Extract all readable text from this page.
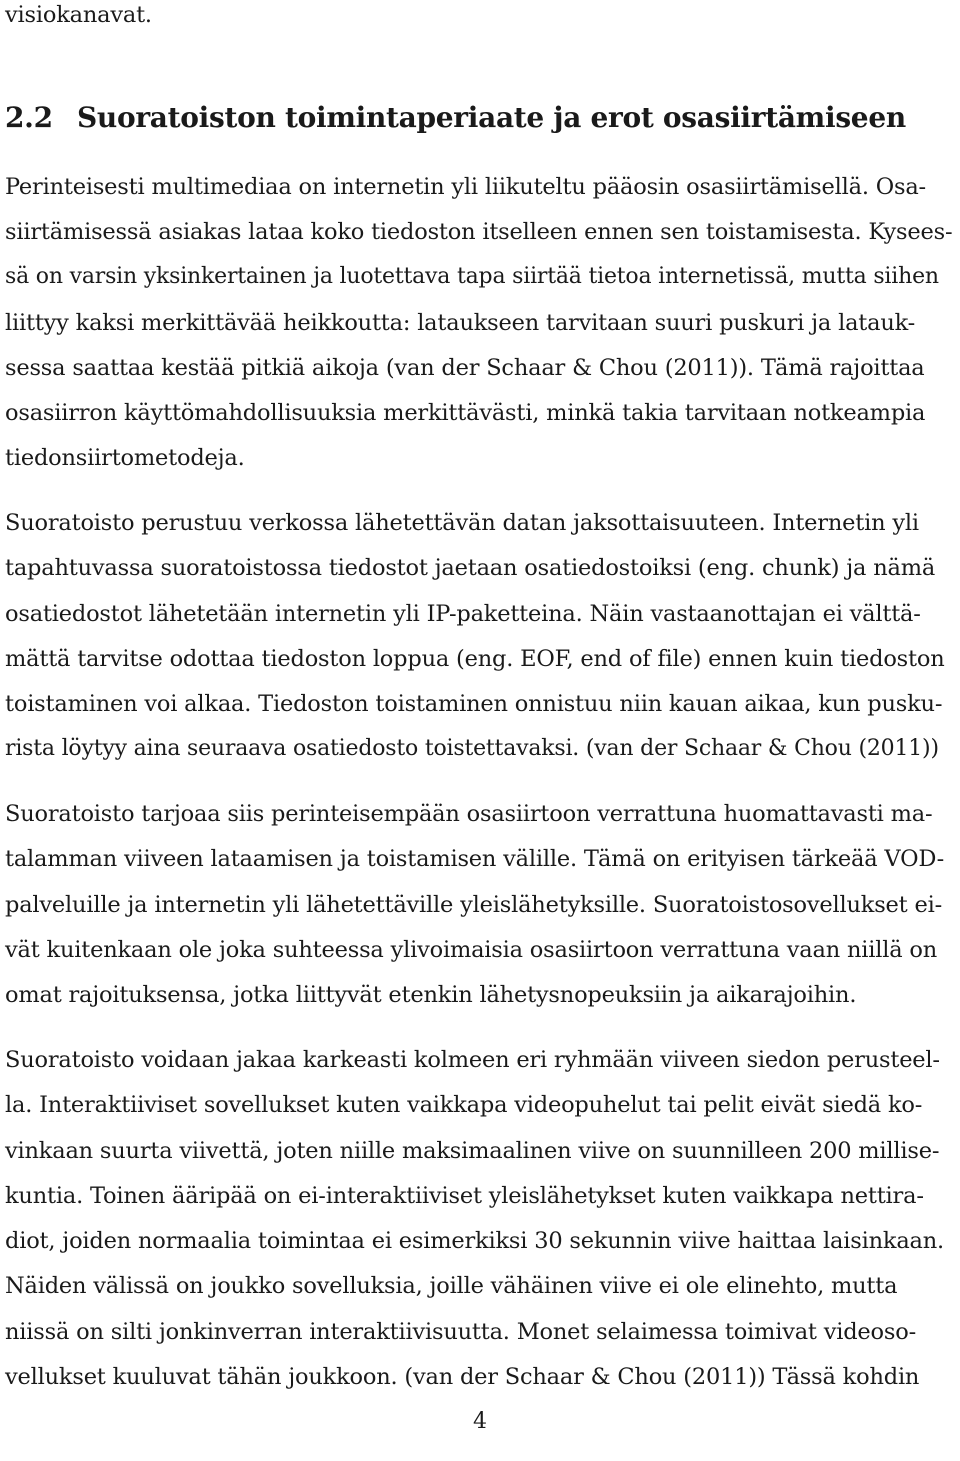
visiokanavat.
2.2 Suoratoiston toimintaperiaate ja erot osasiirtämiseen
Perinteisesti multimediaa on internetin yli liikuteltu pääosin osasiirtämisellä. Osa-
siirtämisessä asiakas lataa koko tiedoston itselleen ennen sen toistamisesta. Kysees-
sä on varsin yksinkertainen ja luotettava tapa siirtää tietoa internetissä, mutta siihen
liittyy kaksi merkittävää heikkoutta: lataukseen tarvitaan suuri puskuri ja latauk-
sessa saattaa kestää pitkiä aikoja (van der Schaar & Chou (2011)). Tämä rajoittaa
osasiirron käyttömahdollisuuksia merkittävästi, minkä takia tarvitaan notkeampia
tiedonsiirtometodeja.
Suoratoisto perustuu verkossa lähetettävän datan jaksottaisuuteen. Internetin yli
tapahtuvassa suoratoistossa tiedostot jaetaan osatiedostoiksi (eng. chunk) ja nämä
osatiedostot lähetetään internetin yli IP-paketteina. Näin vastaanottajan ei välttä-
mättä tarvitse odottaa tiedoston loppua (eng. EOF, end of file) ennen kuin tiedoston
toistaminen voi alkaa. Tiedoston toistaminen onnistuu niin kauan aikaa, kun pusku-
rista löytyy aina seuraava osatiedosto toistettavaksi. (van der Schaar & Chou (2011))
Suoratoisto tarjoaa siis perinteisempään osasiirtoon verrattuna huomattavasti ma-
talamman viiveen lataamisen ja toistamisen välille. Tämä on erityisen tärkeää VOD-
palveluille ja internetin yli lähetettäville yleislähetyksille. Suoratoistosovellukset ei-
vät kuitenkaan ole joka suhteessa ylivoimaisia osasiirtoon verrattuna vaan niillä on
omat rajoituksensa, jotka liittyvät etenkin lähetysnopeuksiin ja aikarajoihin.
Suoratoisto voidaan jakaa karkeasti kolmeen eri ryhmään viiveen siedon perusteel-
la. Interaktiiviset sovellukset kuten vaikkapa videopuhelut tai pelit eivät siedä ko-
vinkaan suurta viivettä, joten niille maksimaalinen viive on suunnilleen 200 millise-
kuntia. Toinen ääripää on ei-interaktiiviset yleislähetykset kuten vaikkapa nettira-
diot, joiden normaalia toimintaa ei esimerkiksi 30 sekunnin viive haittaa laisinkaan.
Näiden välissä on joukko sovelluksia, joille vähäinen viive ei ole elinehto, mutta
niissä on silti jonkinverran interaktiivisuutta. Monet selaimessa toimivat videoso-
vellukset kuuluvat tähän joukkoon. (van der Schaar & Chou (2011)) Tässä kohdin
4
